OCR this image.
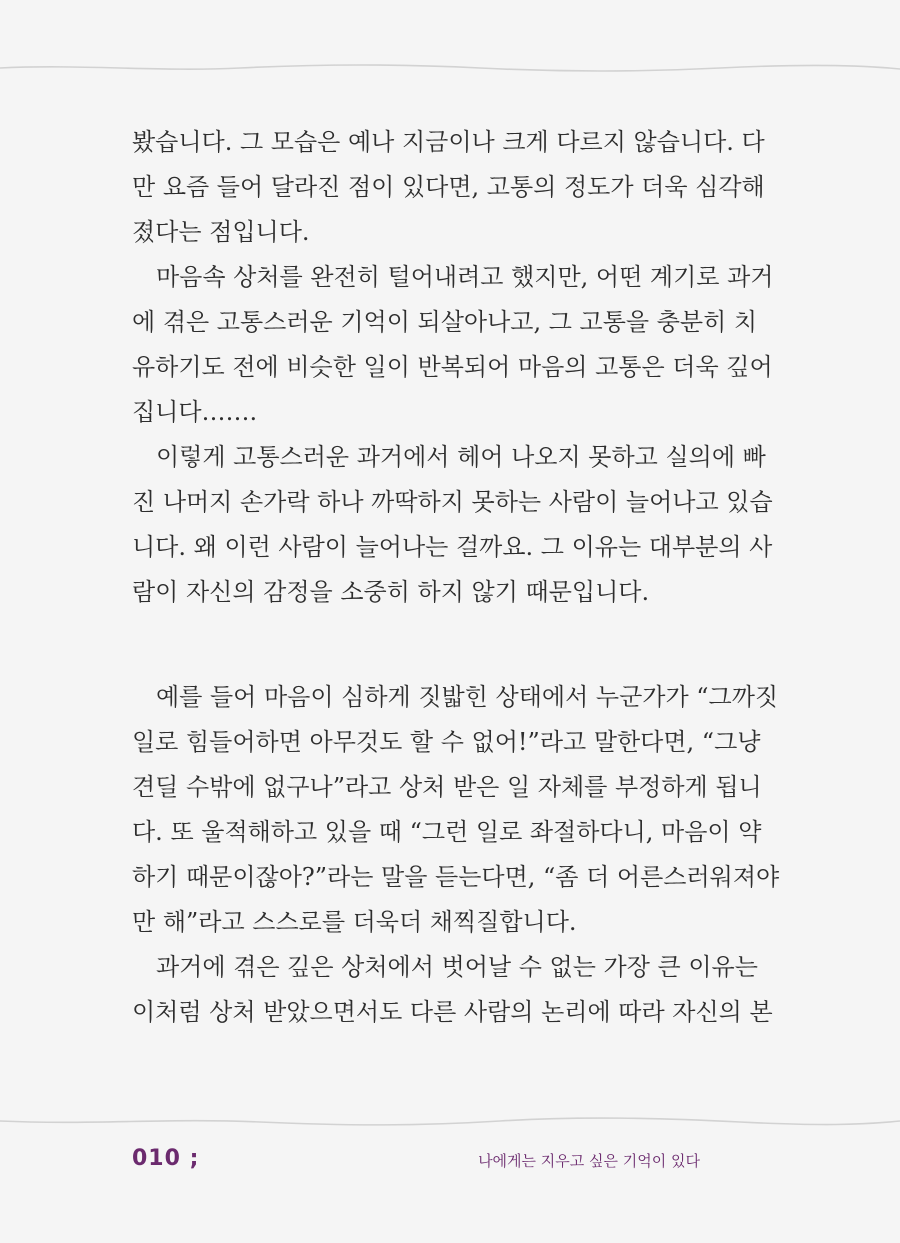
봤습니다. 그 모습은 예나 지금이나 크게 다르지 않습니다. 다
만 요즘 들어 달라진 점이 있다면, 고통의 정도가 더욱 심각해
졌다는 점입니다.
　마음속 상처를 완전히 털어내려고 했지만, 어떤 계기로 과거
에 겪은 고통스러운 기억이 되살아나고, 그 고통을 충분히 치
유하기도 전에 비슷한 일이 반복되어 마음의 고통은 더욱 깊어
집니다…….
　이렇게 고통스러운 과거에서 헤어 나오지 못하고 실의에 빠
진 나머지 손가락 하나 까딱하지 못하는 사람이 늘어나고 있습
니다. 왜 이런 사람이 늘어나는 걸까요. 그 이유는 대부분의 사
람이 자신의 감정을 소중히 하지 않기 때문입니다.
　예를 들어 마음이 심하게 짓밟힌 상태에서 누군가가 “그까짓
일로 힘들어하면 아무것도 할 수 없어!”라고 말한다면, “그냥
견딜 수밖에 없구나”라고 상처 받은 일 자체를 부정하게 됩니
다. 또 울적해하고 있을 때 “그런 일로 좌절하다니, 마음이 약
하기 때문이잖아?”라는 말을 듣는다면, “좀 더 어른스러워져야
만 해”라고 스스로를 더욱더 채찍질합니다.
　과거에 겪은 깊은 상처에서 벗어날 수 없는 가장 큰 이유는
이처럼 상처 받았으면서도 다른 사람의 논리에 따라 자신의 본
010 ;	나에게는 지우고 싶은 기억이 있다
